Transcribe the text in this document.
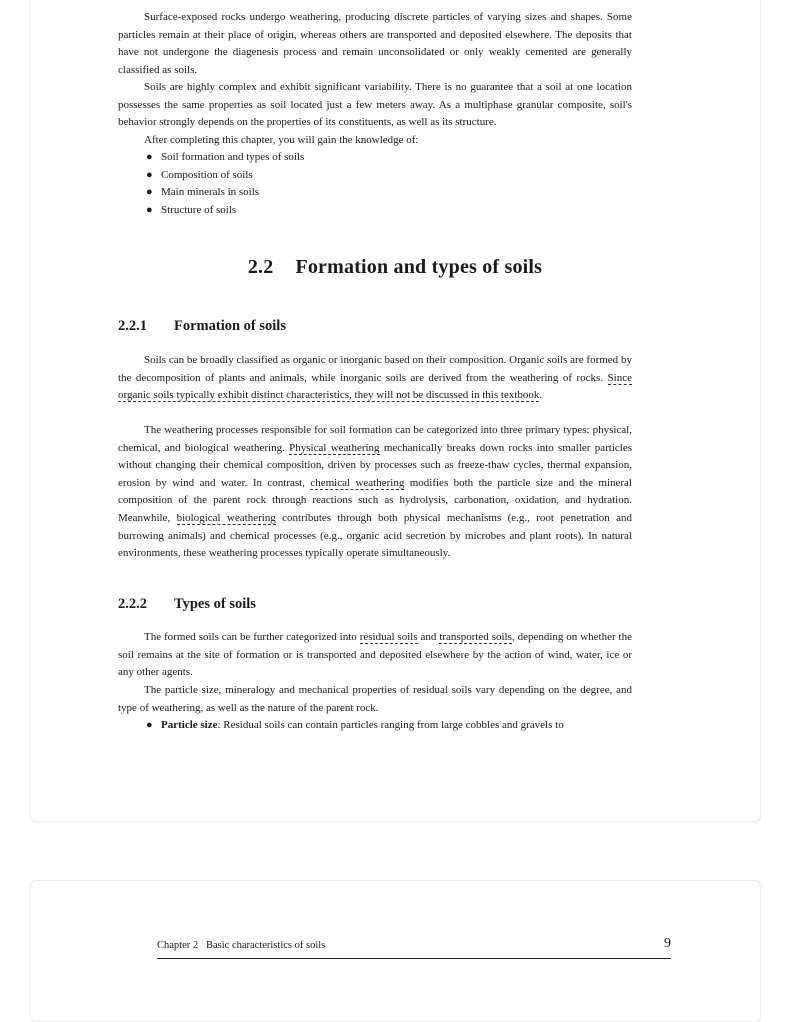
Surface-exposed rocks undergo weathering, producing discrete particles of varying sizes and shapes. Some particles remain at their place of origin, whereas others are transported and deposited elsewhere. The deposits that have not undergone the diagenesis process and remain unconsolidated or only weakly cemented are generally classified as soils.

Soils are highly complex and exhibit significant variability. There is no guarantee that a soil at one location possesses the same properties as soil located just a few meters away. As a multiphase granular composite, soil's behavior strongly depends on the properties of its constituents, as well as its structure.

After completing this chapter, you will gain the knowledge of:

● Soil formation and types of soils
● Composition of soils
● Main minerals in soils
● Structure of soils
2.2 Formation and types of soils
2.2.1 Formation of soils

Soils can be broadly classified as organic or inorganic based on their composition. Organic soils are formed by the decomposition of plants and animals, while inorganic soils are derived from the weathering of rocks. Since organic soils typically exhibit distinct characteristics, they will not be discussed in this textbook.

The weathering processes responsible for soil formation can be categorized into three primary types: physical, chemical, and biological weathering. Physical weathering mechanically breaks down rocks into smaller particles without changing their chemical composition, driven by processes such as freeze-thaw cycles, thermal expansion, erosion by wind and water. In contrast, chemical weathering modifies both the particle size and the mineral composition of the parent rock through reactions such as hydrolysis, carbonation, oxidation, and hydration. Meanwhile, biological weathering contributes through both physical mechanisms (e.g., root penetration and burrowing animals) and chemical processes (e.g., organic acid secretion by microbes and plant roots). In natural environments, these weathering processes typically operate simultaneously.

2.2.2 Types of soils

The formed soils can be further categorized into residual soils and transported soils, depending on whether the soil remains at the site of formation or is transported and deposited elsewhere by the action of wind, water, ice or any other agents.

The particle size, mineralogy and mechanical properties of residual soils vary depending on the degree, and type of weathering, as well as the nature of the parent rock.

● Particle size: Residual soils can contain particles ranging from large cobbles and gravels to
Chapter 2   Basic characteristics of soils	9
